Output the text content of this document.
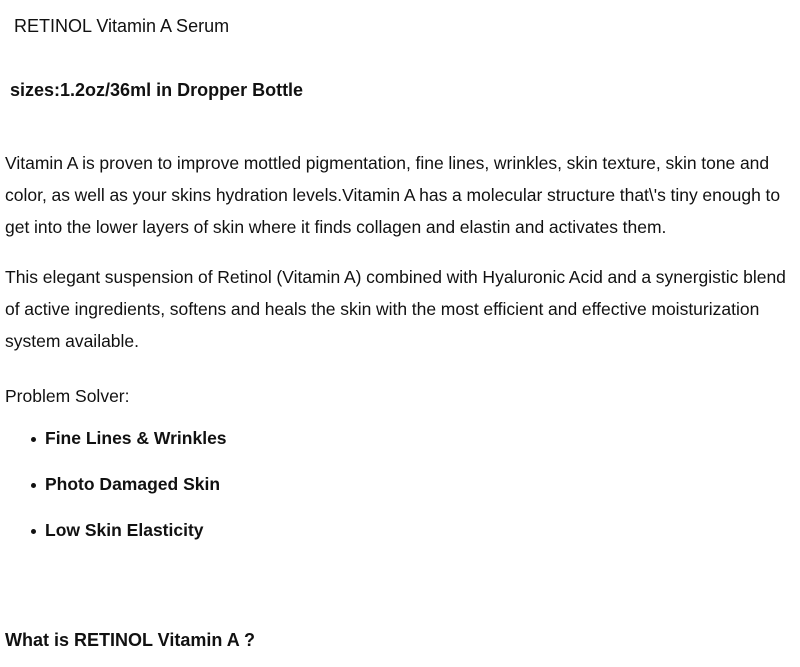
RETINOL Vitamin A Serum

sizes:1.2oz/36ml in Dropper Bottle

Vitamin A is proven to improve mottled pigmentation, fine lines, wrinkles, skin texture, skin tone and color, as well as your skins hydration levels.Vitamin A has a molecular structure that\'s tiny enough to get into the lower layers of skin where it finds collagen and elastin and activates them.

This elegant suspension of Retinol (Vitamin A) combined with Hyaluronic Acid and a synergistic blend of active ingredients, softens and heals the skin with the most efficient and effective moisturization system available.

Problem Solver:

Fine Lines & Wrinkles
Photo Damaged Skin
Low Skin Elasticity
What is RETINOL Vitamin A ?
